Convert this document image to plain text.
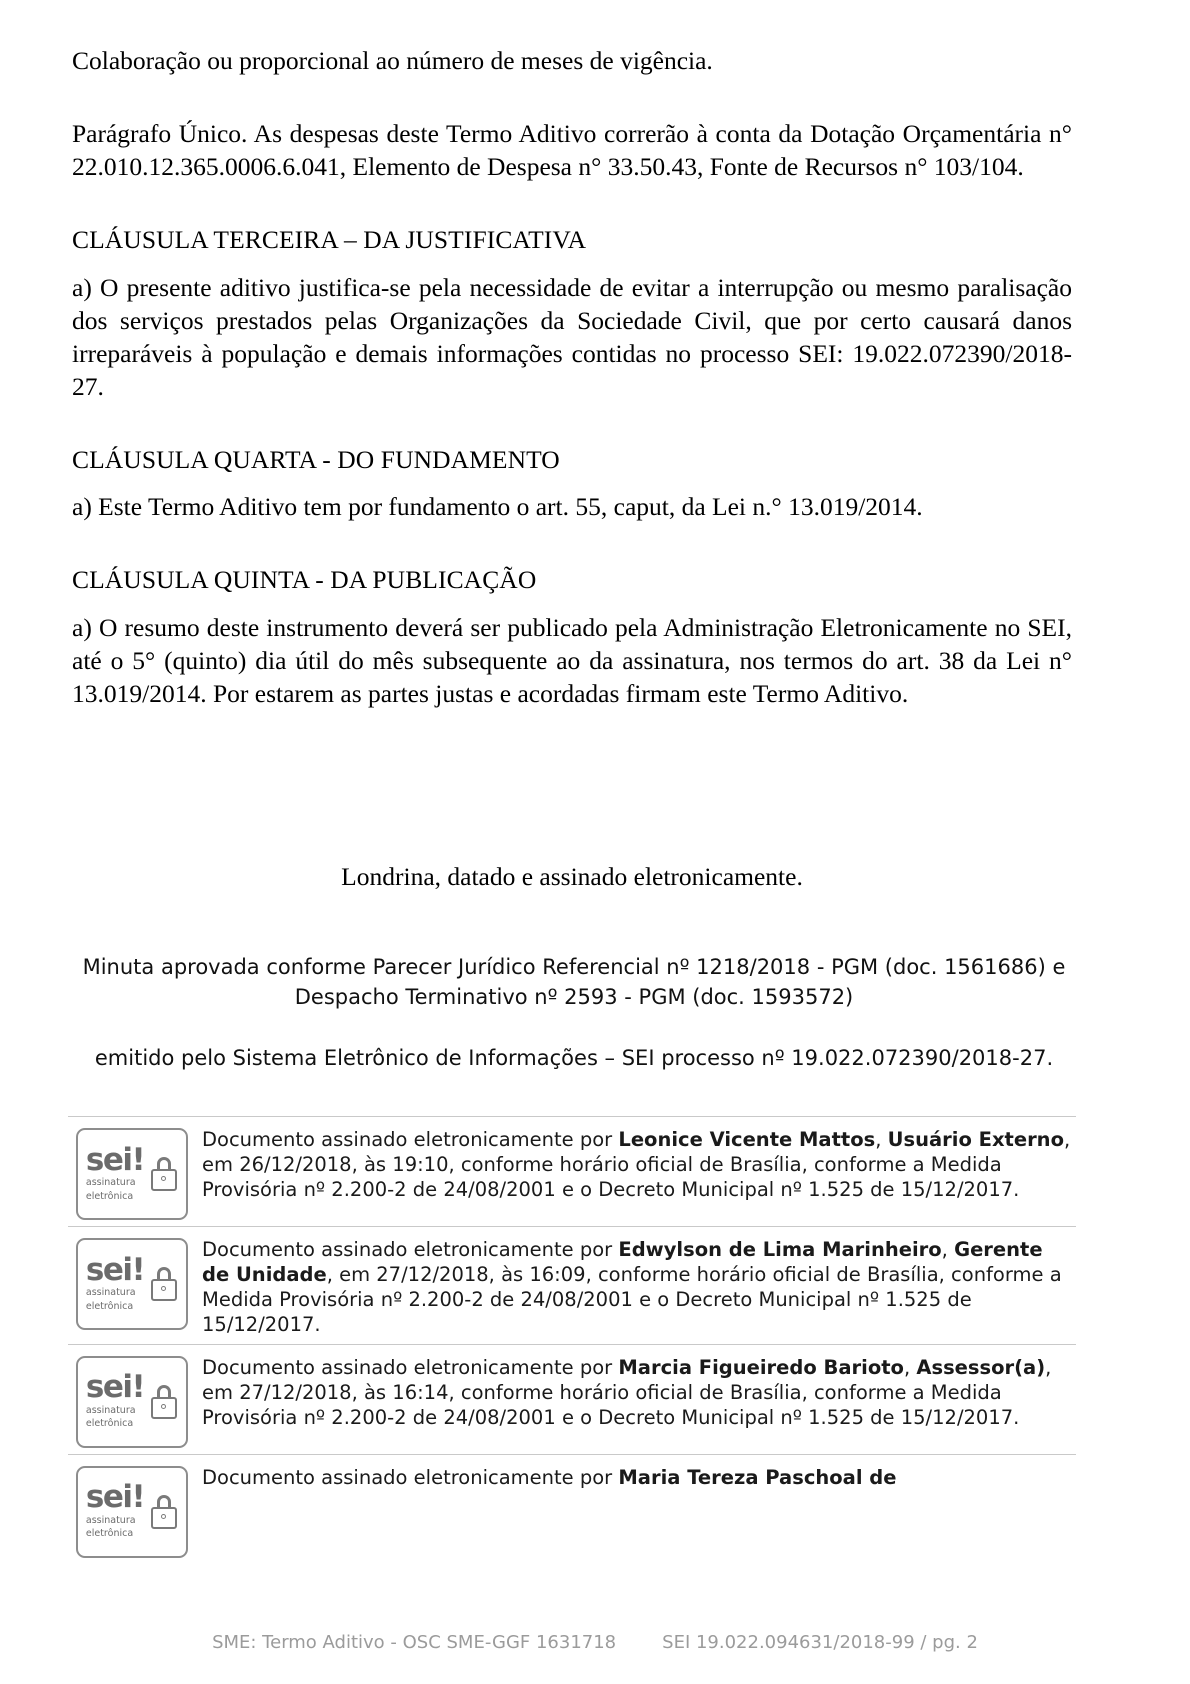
Colaboração ou proporcional ao número de meses de vigência.

Parágrafo Único. As despesas deste Termo Aditivo correrão à conta da Dotação Orçamentária n° 22.010.12.365.0006.6.041, Elemento de Despesa n° 33.50.43, Fonte de Recursos n° 103/104.

CLÁUSULA TERCEIRA – DA JUSTIFICATIVA

a) O presente aditivo justifica-se pela necessidade de evitar a interrupção ou mesmo paralisação dos serviços prestados pelas Organizações da Sociedade Civil, que por certo causará danos irreparáveis à população e demais informações contidas no processo SEI: 19.022.072390/2018-27.

CLÁUSULA QUARTA - DO FUNDAMENTO

a) Este Termo Aditivo tem por fundamento o art. 55, caput, da Lei n.° 13.019/2014.

CLÁUSULA QUINTA - DA PUBLICAÇÃO

a) O resumo deste instrumento deverá ser publicado pela Administração Eletronicamente no SEI, até o 5° (quinto) dia útil do mês subsequente ao da assinatura, nos termos do art. 38 da Lei n° 13.019/2014. Por estarem as partes justas e acordadas firmam este Termo Aditivo.

Londrina, datado e assinado eletronicamente.

Minuta aprovada conforme Parecer Jurídico Referencial nº 1218/2018 - PGM (doc. 1561686) e
Despacho Terminativo nº 2593 - PGM (doc. 1593572)
emitido pelo Sistema Eletrônico de Informações – SEI processo nº 19.022.072390/2018-27.
sei!
assinatura
eletrônica
Documento assinado eletronicamente por Leonice Vicente Mattos, Usuário Externo, em 26/12/2018, às 19:10, conforme horário oficial de Brasília, conforme a Medida Provisória nº 2.200-2 de 24/08/2001 e o Decreto Municipal nº 1.525 de 15/12/2017.
sei!
assinatura
eletrônica
Documento assinado eletronicamente por Edwylson de Lima Marinheiro, Gerente de Unidade, em 27/12/2018, às 16:09, conforme horário oficial de Brasília, conforme a Medida Provisória nº 2.200-2 de 24/08/2001 e o Decreto Municipal nº 1.525 de 15/12/2017.
sei!
assinatura
eletrônica
Documento assinado eletronicamente por Marcia Figueiredo Barioto, Assessor(a), em 27/12/2018, às 16:14, conforme horário oficial de Brasília, conforme a Medida Provisória nº 2.200-2 de 24/08/2001 e o Decreto Municipal nº 1.525 de 15/12/2017.
sei!
assinatura
eletrônica
Documento assinado eletronicamente por Maria Tereza Paschoal de
SME: Termo Aditivo - OSC SME-GGF 1631718	SEI 19.022.094631/2018-99 / pg. 2
